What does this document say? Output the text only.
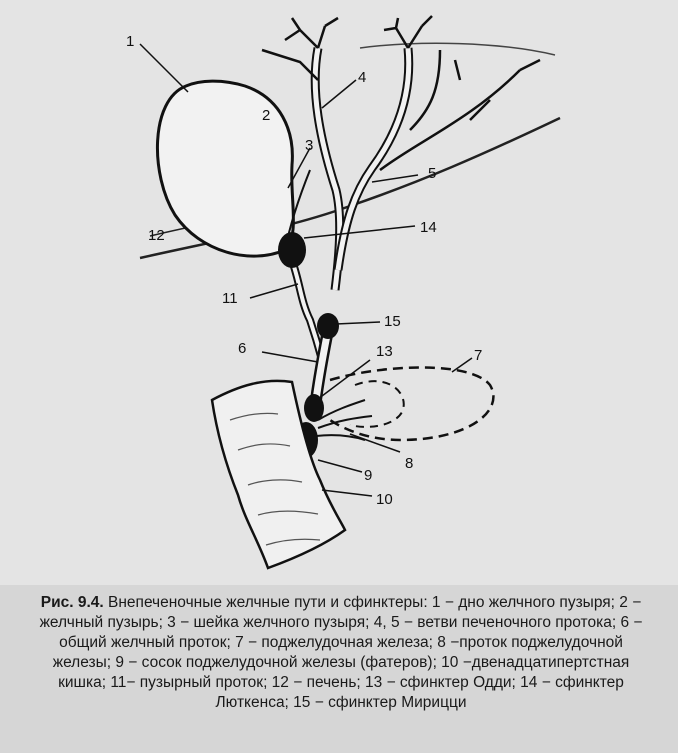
1
2
3
4
5
6	7
8
9
10
11
12
13
14
15
Рис. 9.4. Внепеченочные желчные пути и сфинктеры: 1 − дно желчного пузыря; 2 − желчный пузырь; 3 − шейка желчного пузыря; 4, 5 − ветви печеночного протока; 6 − общий желчный проток; 7 − поджелудочная железа; 8 −проток поджелудочной железы; 9 − сосок поджелудочной железы (фатеров); 10 −двенадцатипертстная кишка; 11− пузырный проток; 12 − печень; 13 − сфинктер Одди; 14 − сфинктер Люткенса; 15 − сфинктер Мирицци
